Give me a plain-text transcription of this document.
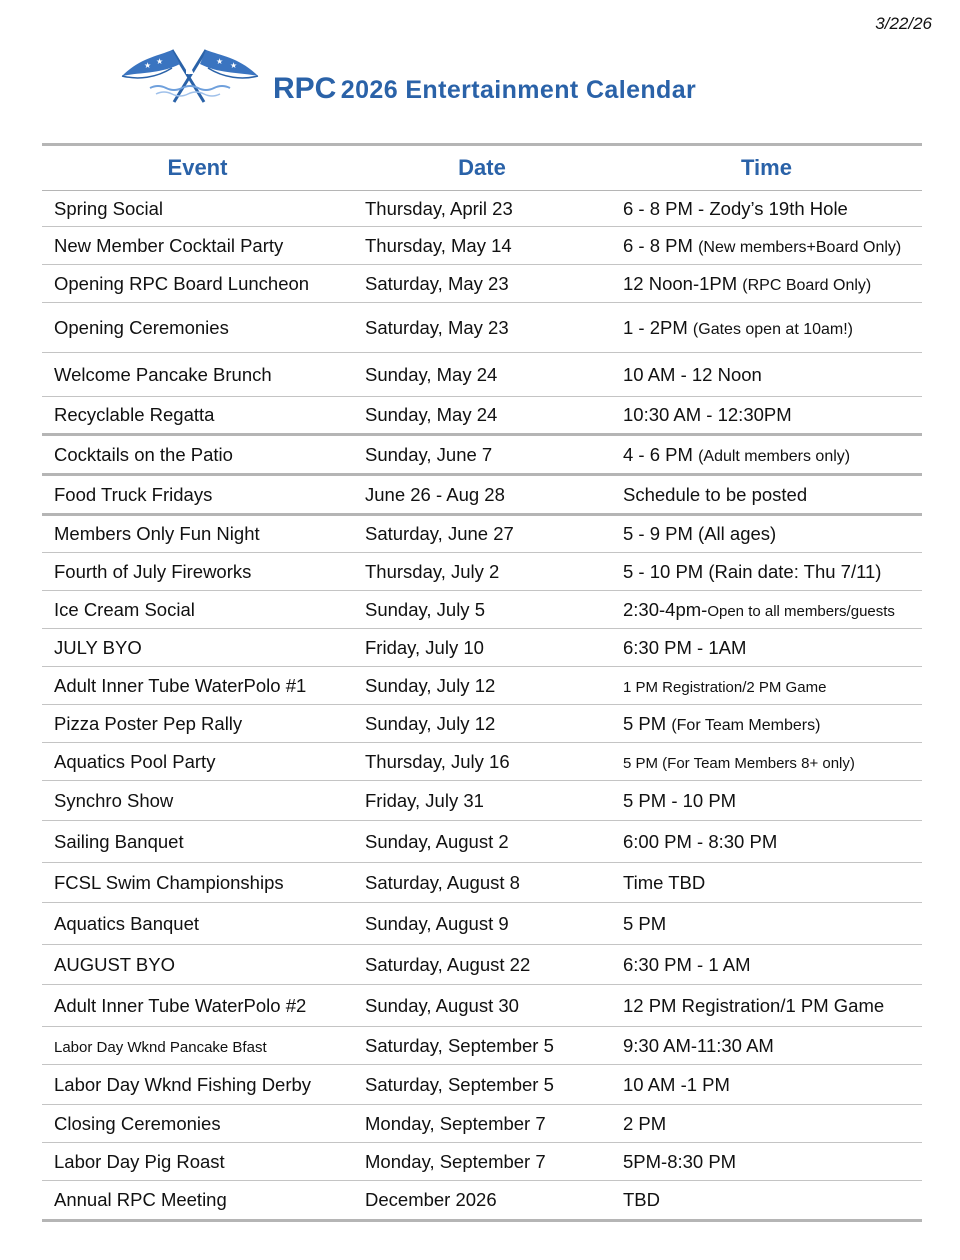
3/22/26
★ ★	★ ★
RPC 2026 Entertainment Calendar
Event	Date	Time
Spring Social	Thursday, April 23	6 - 8 PM - Zody’s 19th Hole
New Member Cocktail Party	Thursday, May 14	6 - 8 PM (New members+Board Only)
Opening RPC Board Luncheon	Saturday, May 23	12 Noon-1PM (RPC Board Only)
Opening Ceremonies	Saturday, May 23	1 - 2PM (Gates open at 10am!)
Welcome Pancake Brunch	Sunday, May 24	10 AM - 12 Noon
Recyclable Regatta	Sunday, May 24	10:30 AM - 12:30PM
Cocktails on the Patio	Sunday, June 7	4 - 6 PM (Adult members only)
Food Truck Fridays	June 26 - Aug 28	Schedule to be posted
Members Only Fun Night	Saturday, June 27	5 - 9 PM (All ages)
Fourth of July Fireworks	Thursday, July 2	5 - 10 PM (Rain date: Thu 7/11)
Ice Cream Social	Sunday, July 5	2:30-4pm-Open to all members/guests
JULY BYO	Friday, July 10	6:30 PM - 1AM
Adult Inner Tube WaterPolo #1	Sunday, July 12	1 PM Registration/2 PM Game
Pizza Poster Pep Rally	Sunday, July 12	5 PM (For Team Members)
Aquatics Pool Party	Thursday, July 16	5 PM (For Team Members 8+ only)
Synchro Show	Friday, July 31	5 PM - 10 PM
Sailing Banquet	Sunday, August 2	6:00 PM - 8:30 PM
FCSL Swim Championships	Saturday, August 8	Time TBD
Aquatics Banquet	Sunday, August 9	5 PM
AUGUST BYO	Saturday, August 22	6:30 PM - 1 AM
Adult Inner Tube WaterPolo #2	Sunday, August 30	12 PM Registration/1 PM Game
Labor Day Wknd Pancake Bfast	Saturday, September 5	9:30 AM-11:30 AM
Labor Day Wknd Fishing Derby	Saturday, September 5	10 AM -1 PM
Closing Ceremonies	Monday, September 7	2 PM
Labor Day Pig Roast	Monday, September 7	5PM-8:30 PM
Annual RPC Meeting	December 2026	TBD
